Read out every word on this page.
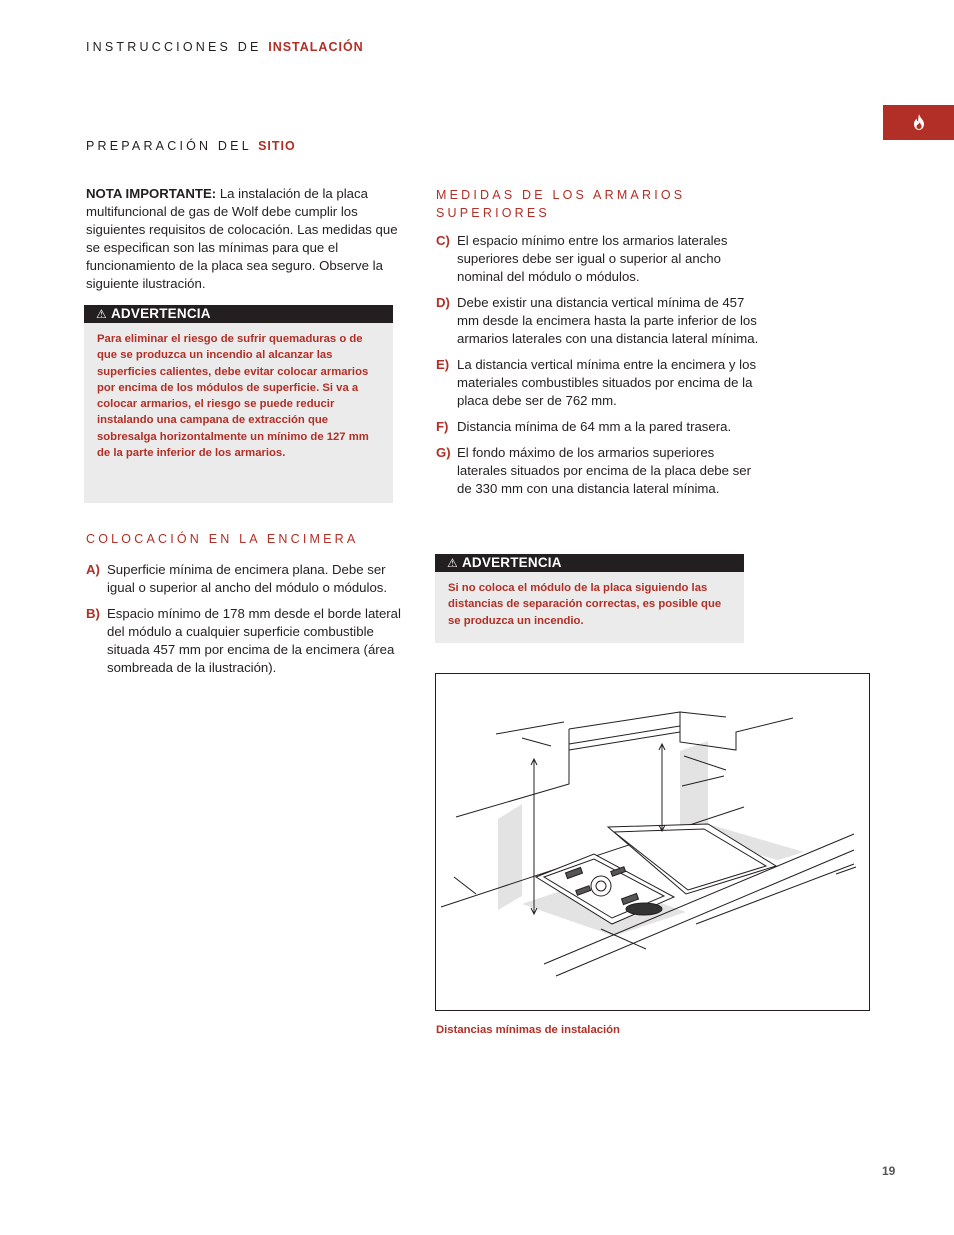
INSTRUCCIONES DE INSTALACIÓN
PREPARACIÓN DEL SITIO
NOTA IMPORTANTE: La instalación de la placa multifuncional de gas de Wolf debe cumplir los siguientes requisitos de colocación. Las medidas que se especifican son las mínimas para que el funcionamiento de la placa sea seguro. Observe la siguiente ilustración.
⚠ ADVERTENCIA
Para eliminar el riesgo de sufrir quemaduras o de que se produzca un incendio al alcanzar las superficies calientes, debe evitar colocar armarios por encima de los módulos de superficie. Si va a colocar armarios, el riesgo se puede reducir instalando una campana de extracción que sobresalga horizontalmente un mínimo de 127 mm de la parte inferior de los armarios.
COLOCACIÓN EN LA ENCIMERA
A) Superficie mínima de encimera plana. Debe ser igual o superior al ancho del módulo o módulos.
B) Espacio mínimo de 178 mm desde el borde lateral del módulo a cualquier superficie combustible situada 457 mm por encima de la encimera (área sombreada de la ilustración).
MEDIDAS DE LOS ARMARIOS
SUPERIORES
C) El espacio mínimo entre los armarios laterales superiores debe ser igual o superior al ancho nominal del módulo o módulos.
D) Debe existir una distancia vertical mínima de 457 mm desde la encimera hasta la parte inferior de los armarios laterales con una distancia lateral mínima.
E) La distancia vertical mínima entre la encimera y los materiales combustibles situados por encima de la placa debe ser de 762 mm.
F) Distancia mínima de 64 mm a la pared trasera.
G) El fondo máximo de los armarios superiores laterales situados por encima de la placa debe ser de 330 mm con una distancia lateral mínima.
⚠ ADVERTENCIA
Si no coloca el módulo de la placa siguiendo las distancias de separación correctas, es posible que se produzca un incendio.
Distancias mínimas de instalación
19
